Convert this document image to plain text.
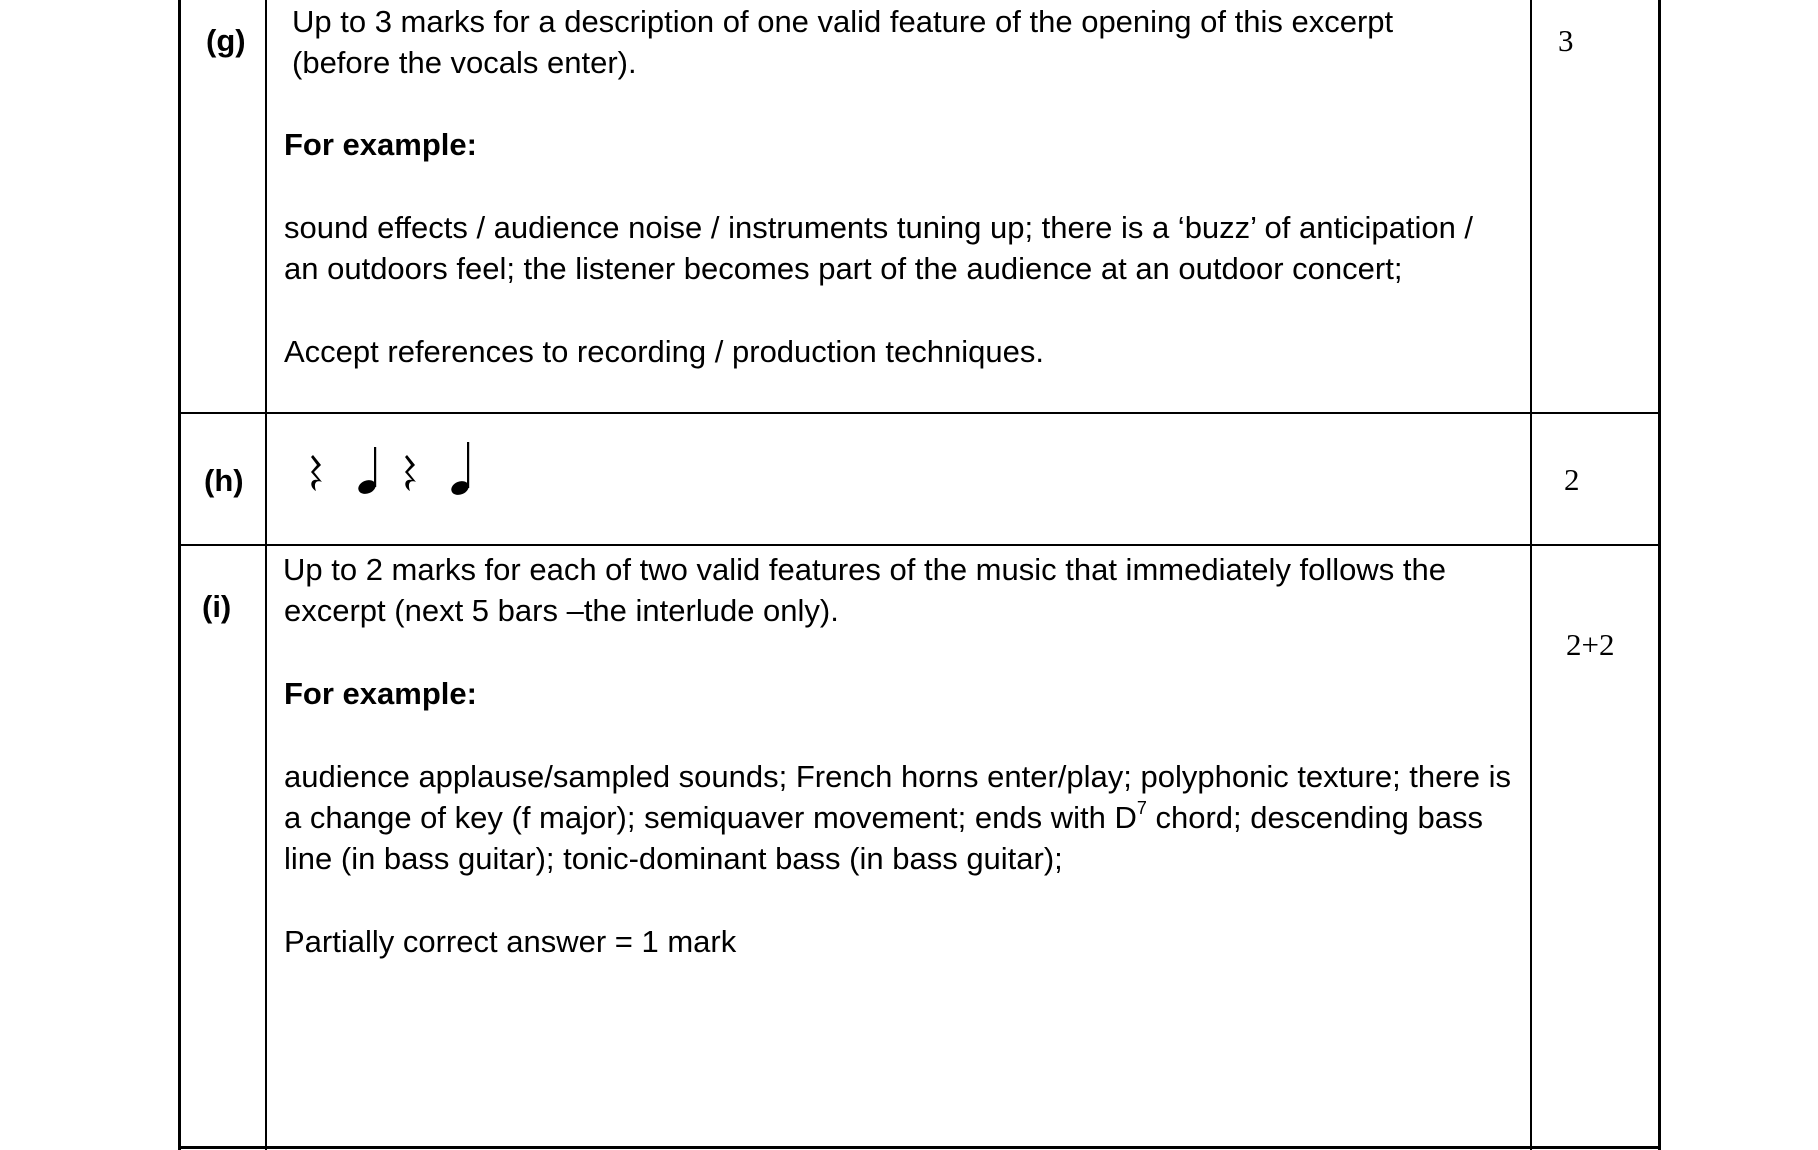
(g)
Up to 3 marks for a description of one valid feature of the opening of this excerpt
(before the vocals enter).
For example:
sound effects / audience noise / instruments tuning up; there is a ‘buzz’ of anticipation /
an outdoors feel; the listener becomes part of the audience at an outdoor concert;
Accept references to recording / production techniques.
3
(h)	2
(i)
Up to 2 marks for each of two valid features of the music that immediately follows the
excerpt (next 5 bars –the interlude only).
For example:
audience applause/sampled sounds; French horns enter/play; polyphonic texture; there is
a change of key (f major); semiquaver movement; ends with $D^7$ chord; descending bass
line (in bass guitar); tonic-dominant bass (in bass guitar);
Partially correct answer = 1 mark
2+2
